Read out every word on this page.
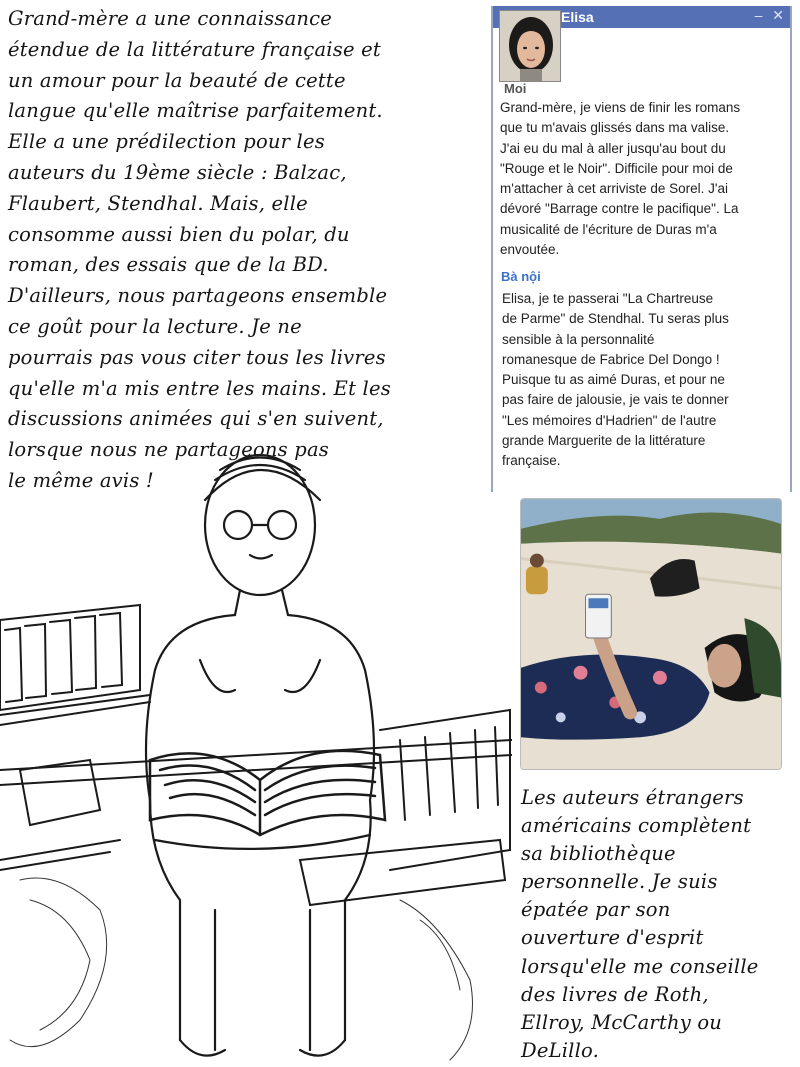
Grand-mère a une connaissance
étendue de la littérature française et
un amour pour la beauté de cette
langue qu'elle maîtrise parfaitement.
Elle a une prédilection pour les
auteurs du 19ème siècle : Balzac,
Flaubert, Stendhal. Mais, elle
consomme aussi bien du polar, du
roman, des essais que de la BD.
D'ailleurs, nous partageons ensemble
ce goût pour la lecture. Je ne
pourrais pas vous citer tous les livres
qu'elle m'a mis entre les mains. Et les
discussions animées qui s'en suivent,
lorsque nous ne partageons pas
le même avis !

Elisa	– ✕

Moi

Grand-mère, je viens de finir les romans
que tu m'avais glissés dans ma valise.
J'ai eu du mal à aller jusqu'au bout du
"Rouge et le Noir". Difficile pour moi de
m'attacher à cet arriviste de Sorel. J'ai
dévoré "Barrage contre le pacifique". La
musicalité de l'écriture de Duras m'a
envoutée.

Bà nội

Elisa, je te passerai "La Chartreuse
de Parme" de Stendhal. Tu seras plus
sensible à la personnalité
romanesque de Fabrice Del Dongo !
Puisque tu as aimé Duras, et pour ne
pas faire de jalousie, je vais te donner
"Les mémoires d'Hadrien" de l'autre
grande Marguerite de la littérature
française.

Les auteurs étrangers
américains complètent
sa bibliothèque
personnelle. Je suis
épatée par son
ouverture d'esprit
lorsqu'elle me conseille
des livres de Roth,
Ellroy, McCarthy ou
DeLillo.
